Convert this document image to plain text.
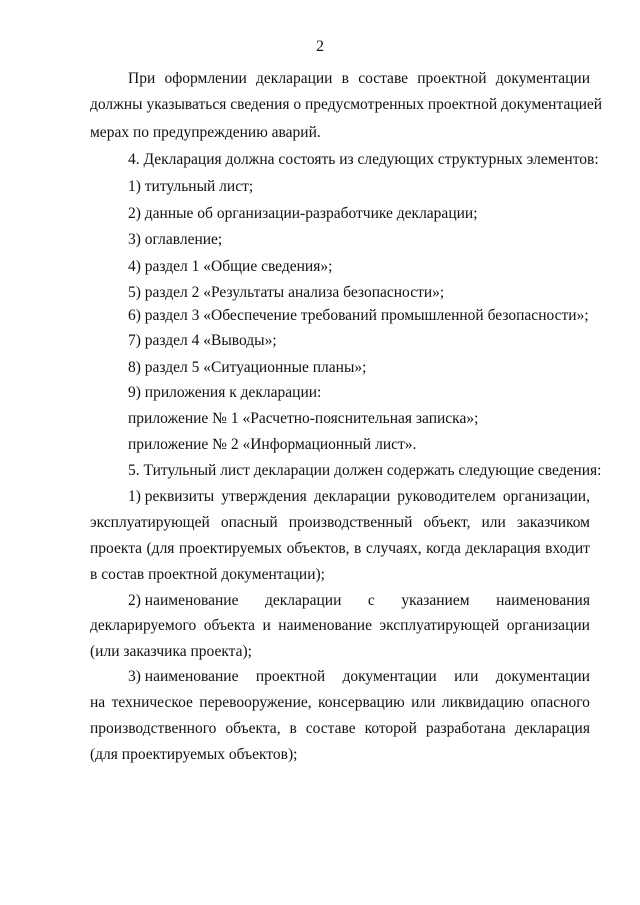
2
При оформлении декларации в составе проектной документации
должны указываться сведения о предусмотренных проектной документацией
мерах по предупреждению аварий.
4. Декларация должна состоять из следующих структурных элементов:
1) титульный лист;
2) данные об организации-разработчике декларации;
3) оглавление;
4) раздел 1 «Общие сведения»;
5) раздел 2 «Результаты анализа безопасности»;
6) раздел 3 «Обеспечение требований промышленной безопасности»;
7) раздел 4 «Выводы»;
8) раздел 5 «Ситуационные планы»;
9) приложения к декларации:
приложение № 1 «Расчетно-пояснительная записка»;
приложение № 2 «Информационный лист».
5. Титульный лист декларации должен содержать следующие сведения:
1) реквизиты утверждения декларации руководителем организации,
эксплуатирующей опасный производственный объект, или заказчиком
проекта (для проектируемых объектов, в случаях, когда декларация входит
в состав проектной документации);
2) наименование декларации с указанием наименования
декларируемого объекта и наименование эксплуатирующей организации
(или заказчика проекта);
3) наименование проектной документации или документации
на техническое перевооружение, консервацию или ликвидацию опасного
производственного объекта, в составе которой разработана декларация
(для проектируемых объектов);
